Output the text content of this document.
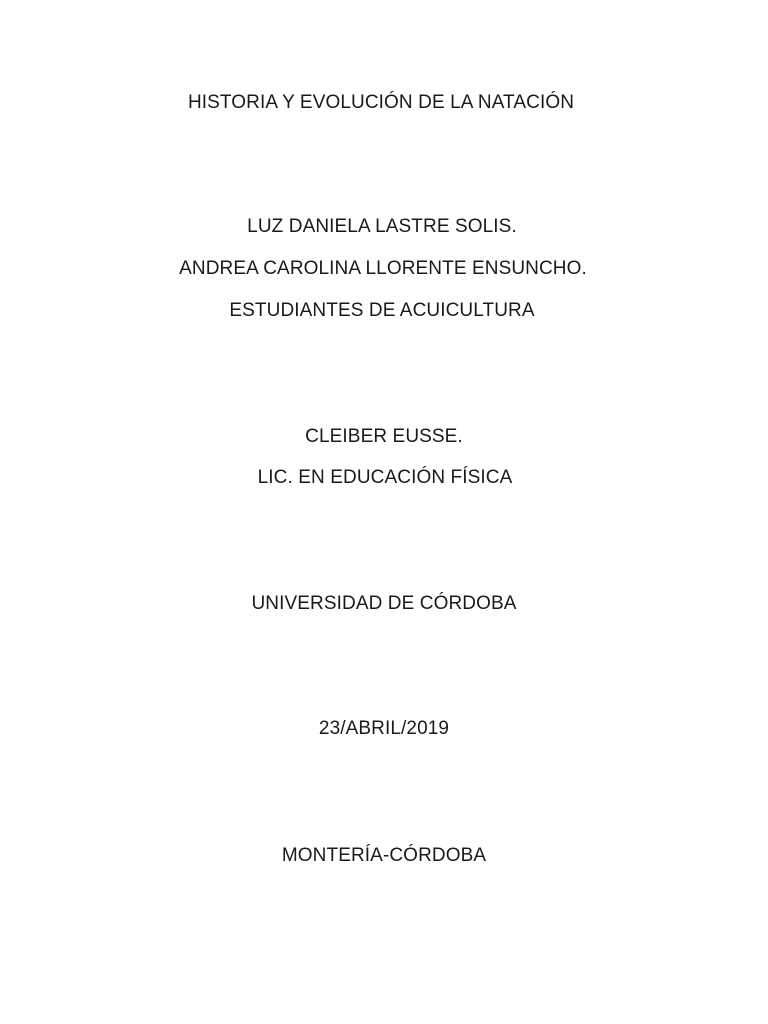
HISTORIA Y EVOLUCIÓN DE LA NATACIÓN
LUZ DANIELA LASTRE SOLIS.
ANDREA CAROLINA LLORENTE ENSUNCHO.
ESTUDIANTES DE ACUICULTURA
CLEIBER EUSSE.
LIC. EN EDUCACIÓN FÍSICA
UNIVERSIDAD DE CÓRDOBA
23/ABRIL/2019
MONTERÍA-CÓRDOBA
